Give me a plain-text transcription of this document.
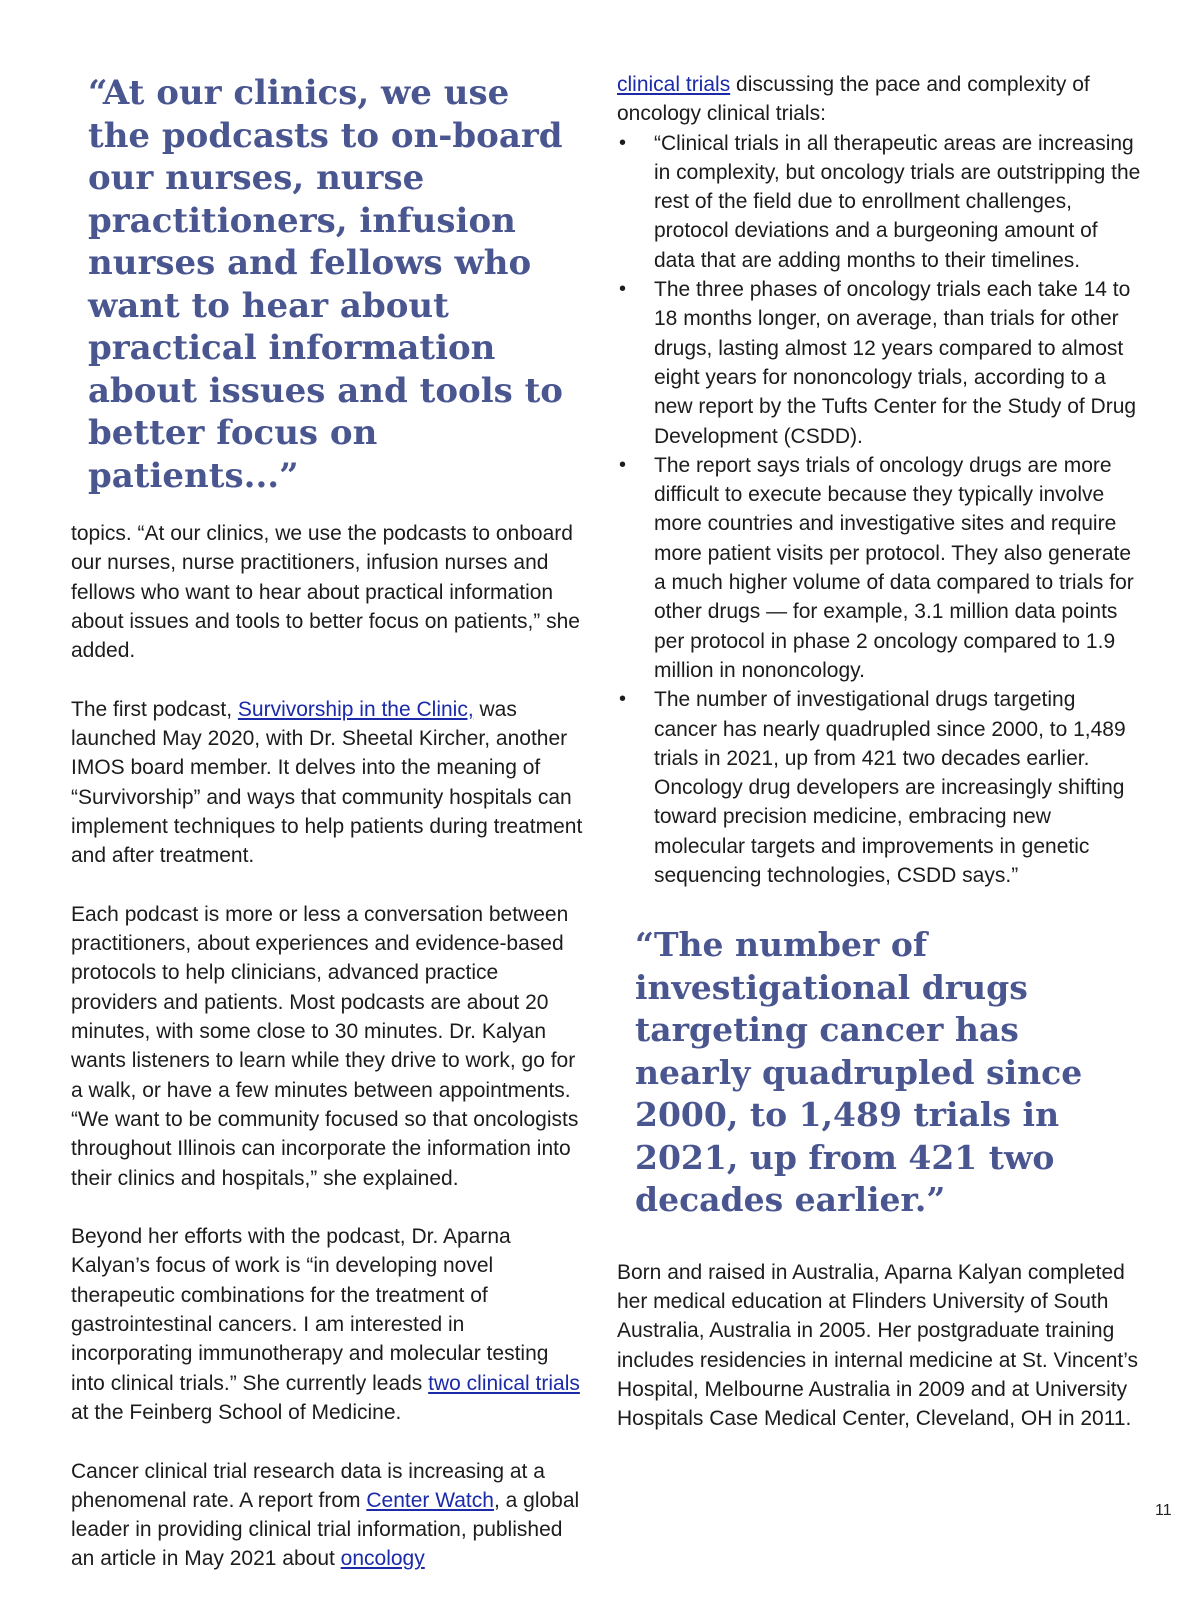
“At our clinics, we use the podcasts to on-board our nurses, nurse practitioners, infusion nurses and fellows who want to hear about practical information about issues and tools to better focus on patients...”

topics. “At our clinics, we use the podcasts to onboard our nurses, nurse practitioners, infusion nurses and fellows who want to hear about practical information about issues and tools to better focus on patients,” she added.

The first podcast, Survivorship in the Clinic, was launched May 2020, with Dr. Sheetal Kircher, another IMOS board member. It delves into the meaning of “Survivorship” and ways that community hospitals can implement techniques to help patients during treatment and after treatment.

Each podcast is more or less a conversation between practitioners, about experiences and evidence-based protocols to help clinicians, advanced practice providers and patients. Most podcasts are about 20 minutes, with some close to 30 minutes. Dr. Kalyan wants listeners to learn while they drive to work, go for a walk, or have a few minutes between appointments. “We want to be community focused so that oncologists throughout Illinois can incorporate the information into their clinics and hospitals,” she explained.

Beyond her efforts with the podcast, Dr. Aparna Kalyan’s focus of work is “in developing novel therapeutic combinations for the treatment of gastrointestinal cancers. I am interested in incorporating immunotherapy and molecular testing into clinical trials.” She currently leads two clinical trials at the Feinberg School of Medicine.

Cancer clinical trial research data is increasing at a phenomenal rate. A report from Center Watch, a global leader in providing clinical trial information, published an article in May 2021 about oncology

clinical trials discussing the pace and complexity of oncology clinical trials:

• “Clinical trials in all therapeutic areas are increasing in complexity, but oncology trials are outstripping the rest of the field due to enrollment challenges, protocol deviations and a burgeoning amount of data that are adding months to their timelines.
• The three phases of oncology trials each take 14 to 18 months longer, on average, than trials for other drugs, lasting almost 12 years compared to almost eight years for nononcology trials, according to a new report by the Tufts Center for the Study of Drug Development (CSDD).
• The report says trials of oncology drugs are more difficult to execute because they typically involve more countries and investigative sites and require more patient visits per protocol. They also generate a much higher volume of data compared to trials for other drugs — for example, 3.1 million data points per protocol in phase 2 oncology compared to 1.9 million in nononcology.
• The number of investigational drugs targeting cancer has nearly quadrupled since 2000, to 1,489 trials in 2021, up from 421 two decades earlier. Oncology drug developers are increasingly shifting toward precision medicine, embracing new molecular targets and improvements in genetic sequencing technologies, CSDD says.”

“The number of investigational drugs targeting cancer has nearly quadrupled since 2000, to 1,489 trials in 2021, up from 421 two decades earlier.”

Born and raised in Australia, Aparna Kalyan completed her medical education at Flinders University of South Australia, Australia in 2005. Her postgraduate training includes residencies in internal medicine at St. Vincent’s Hospital, Melbourne Australia in 2009 and at University Hospitals Case Medical Center, Cleveland, OH in 2011.

11
